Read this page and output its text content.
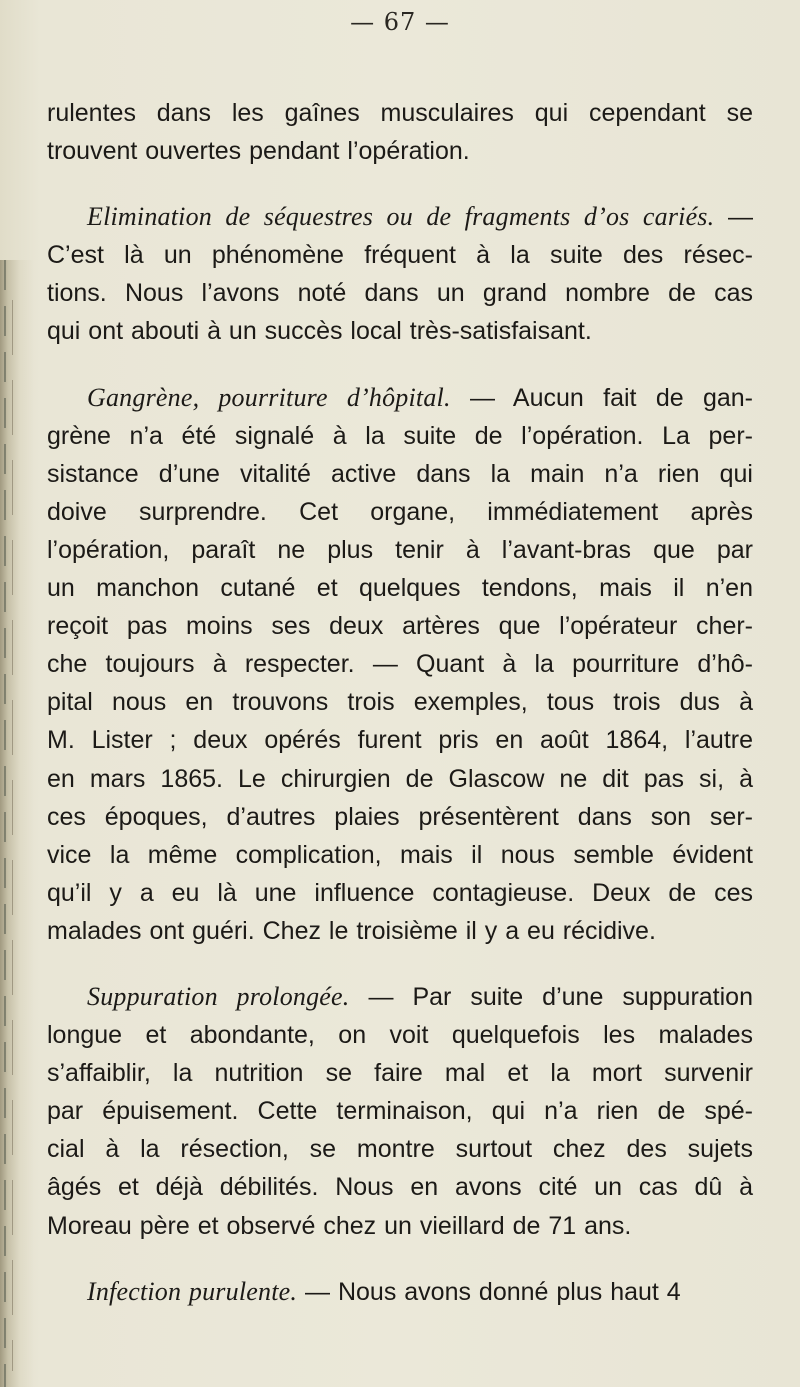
— 67 —

rulentes dans les gaînes musculaires qui cependant se
trouvent ouvertes pendant l’opération.

Elimination de séquestres ou de fragments d’os cariés. —
C’est là un phénomène fréquent à la suite des résec-
tions. Nous l’avons noté dans un grand nombre de cas
qui ont abouti à un succès local très-satisfaisant.

Gangrène, pourriture d’hôpital. — Aucun fait de gan-
grène n’a été signalé à la suite de l’opération. La per-
sistance d’une vitalité active dans la main n’a rien qui
doive surprendre. Cet organe, immédiatement après
l’opération, paraît ne plus tenir à l’avant-bras que par
un manchon cutané et quelques tendons, mais il n’en
reçoit pas moins ses deux artères que l’opérateur cher-
che toujours à respecter. — Quant à la pourriture d’hô-
pital nous en trouvons trois exemples, tous trois dus à
M. Lister ; deux opérés furent pris en août 1864, l’autre
en mars 1865. Le chirurgien de Glascow ne dit pas si, à
ces époques, d’autres plaies présentèrent dans son ser-
vice la même complication, mais il nous semble évident
qu’il y a eu là une influence contagieuse. Deux de ces
malades ont guéri. Chez le troisième il y a eu récidive.

Suppuration prolongée. — Par suite d’une suppuration
longue et abondante, on voit quelquefois les malades
s’affaiblir, la nutrition se faire mal et la mort survenir
par épuisement. Cette terminaison, qui n’a rien de spé-
cial à la résection, se montre surtout chez des sujets
âgés et déjà débilités. Nous en avons cité un cas dû à
Moreau père et observé chez un vieillard de 71 ans.

Infection purulente. — Nous avons donné plus haut 4
